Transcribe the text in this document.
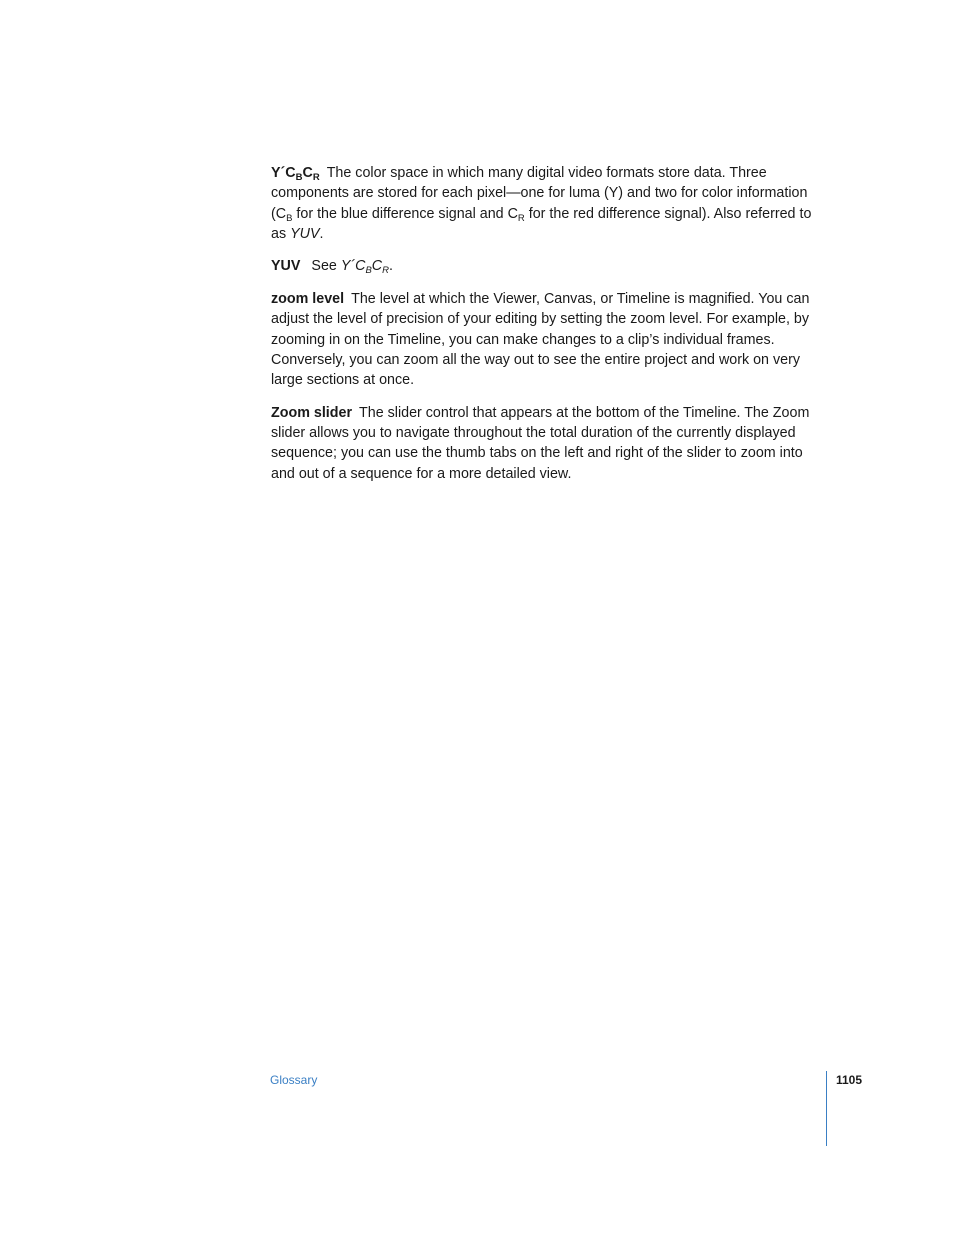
$Y´C_BC_R$ The color space in which many digital video formats store data. Three components are stored for each pixel—one for luma (Y) and two for color information ($C_B$ for the blue difference signal and $C_R$ for the red difference signal). Also referred to as YUV.

YUV See $Y´C_BC_R$.

zoom level The level at which the Viewer, Canvas, or Timeline is magnified. You can adjust the level of precision of your editing by setting the zoom level. For example, by zooming in on the Timeline, you can make changes to a clip’s individual frames. Conversely, you can zoom all the way out to see the entire project and work on very large sections at once.

Zoom slider The slider control that appears at the bottom of the Timeline. The Zoom slider allows you to navigate throughout the total duration of the currently displayed sequence; you can use the thumb tabs on the left and right of the slider to zoom into and out of a sequence for a more detailed view.

Glossary	1105
